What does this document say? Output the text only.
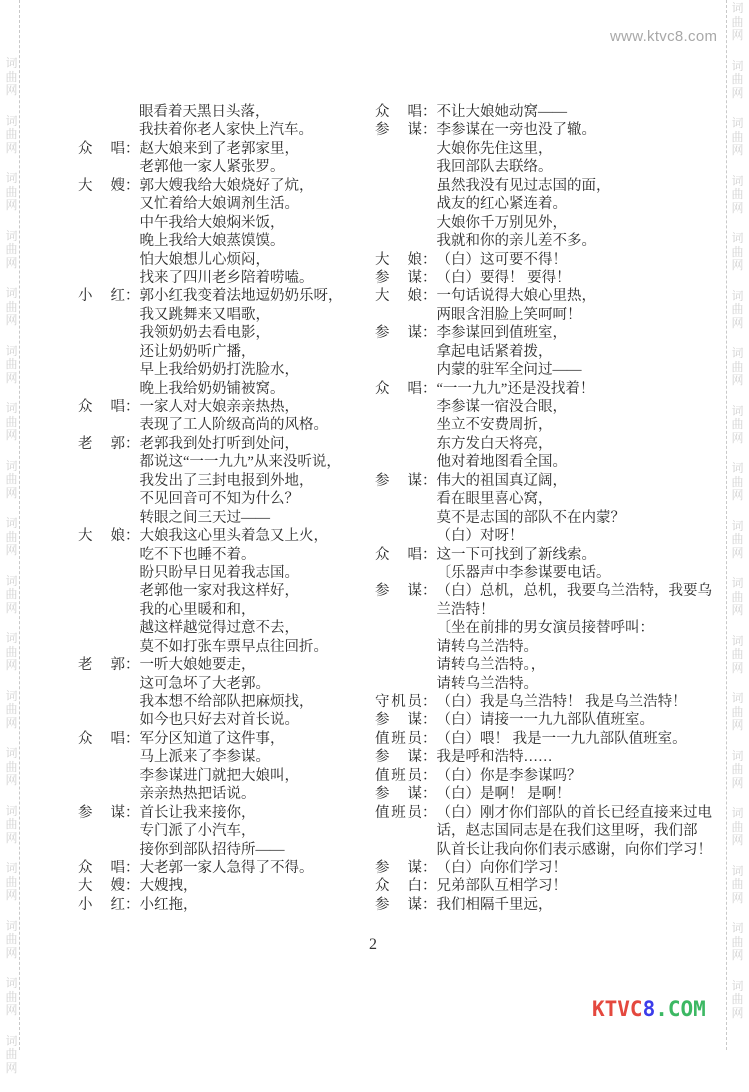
词
曲
网
词
曲
网
词
曲
网
词
曲
网
词
曲
网
词
曲
网
词
曲
网
词
曲
网
词
曲
网
词
曲
网
词
曲
网
词
曲
网
词
曲
网
词
曲
网
词
曲
网
词
曲
网
词
曲
网
词
曲
网
词
曲
网
词
曲
网
词
曲
网
词
曲
网
词
曲
网
词
曲
网
词
曲
网
词
曲
网
词
曲
网
词
曲
网
词
曲
网
词
曲
网
词
曲
网
词
曲
网
词
曲
网
词
曲
网
词
曲
网
词
曲
网
www.ktvc8.com
眼看着天黑日头落，
我扶着你老人家快上汽车。
众唱 ： 赵大娘来到了老郭家里，
老郭他一家人紧张罗。
大嫂 ： 郭大嫂我给大娘烧好了炕，
又忙着给大娘调剂生活。
中午我给大娘焖米饭，
晚上我给大娘蒸馍馍。
怕大娘想儿心烦闷，
找来了四川老乡陪着唠嗑。
小红 ： 郭小红我变着法地逗奶奶乐呀，
我又跳舞来又唱歌，
我领奶奶去看电影，
还让奶奶听广播，
早上我给奶奶打洗脸水，
晚上我给奶奶铺被窝。
众唱 ： 一家人对大娘亲亲热热，
表现了工人阶级高尚的风格。
老郭 ： 老郭我到处打听到处问，
都说这“一一九九”从来没听说，
我发出了三封电报到外地，
不见回音可不知为什么？
转眼之间三天过——
大娘 ： 大娘我这心里头着急又上火，
吃不下也睡不着。
盼只盼早日见着我志国。
老郭他一家对我这样好，
我的心里暖和和，
越这样越觉得过意不去，
莫不如打张车票早点往回折。
老郭 ： 一听大娘她要走，
这可急坏了大老郭。
我本想不给部队把麻烦找，
如今也只好去对首长说。
众唱 ： 军分区知道了这件事，
马上派来了李参谋。
李参谋进门就把大娘叫，
亲亲热热把话说。
参谋 ： 首长让我来接你，
专门派了小汽车，
接你到部队招待所——
众唱 ： 大老郭一家人急得了不得。
大嫂 ： 大嫂拽，
小红 ： 小红拖，
众唱 ： 不让大娘她动窝——
参谋 ： 李参谋在一旁也没了辙。
大娘你先住这里，
我回部队去联络。
虽然我没有见过志国的面，
战友的红心紧连着。
大娘你千万别见外，
我就和你的亲儿差不多。
大娘 ： （白）这可要不得！
参谋 ： （白）要得！ 要得！
大娘 ： 一句话说得大娘心里热，
两眼含泪脸上笑呵呵！
参谋 ： 李参谋回到值班室，
拿起电话紧着拨，
内蒙的驻军全问过——
众唱 ： “一一九九”还是没找着！
李参谋一宿没合眼，
坐立不安费周折，
东方发白天将亮，
他对着地图看全国。
参谋 ： 伟大的祖国真辽阔，
看在眼里喜心窝，
莫不是志国的部队不在内蒙？
（白）对呀！
众唱 ： 这一下可找到了新线索。
〔乐器声中李参谋要电话。
参谋 ： （白）总机，总机，我要乌兰浩特，我要乌
兰浩特！
〔坐在前排的男女演员接替呼叫：
请转乌兰浩特。
请转乌兰浩特。，
请转乌兰浩特。
守机员 ： （白）我是乌兰浩特！ 我是乌兰浩特！
参谋 ： （白）请接一一九九部队值班室。
值班员 ： （白）喂！ 我是一一九九部队值班室。
参谋 ： 我是呼和浩特……
值班员 ： （白）你是李参谋吗？
参谋 ： （白）是啊！ 是啊！
值班员 ： （白）刚才你们部队的首长已经直接来过电
话，赵志国同志是在我们这里呀，我们部
队首长让我向你们表示感谢，向你们学习！
参谋 ： （白）向你们学习！
众白 ： 兄弟部队互相学习！
参谋 ： 我们相隔千里远，
2
KTVC8.COM
